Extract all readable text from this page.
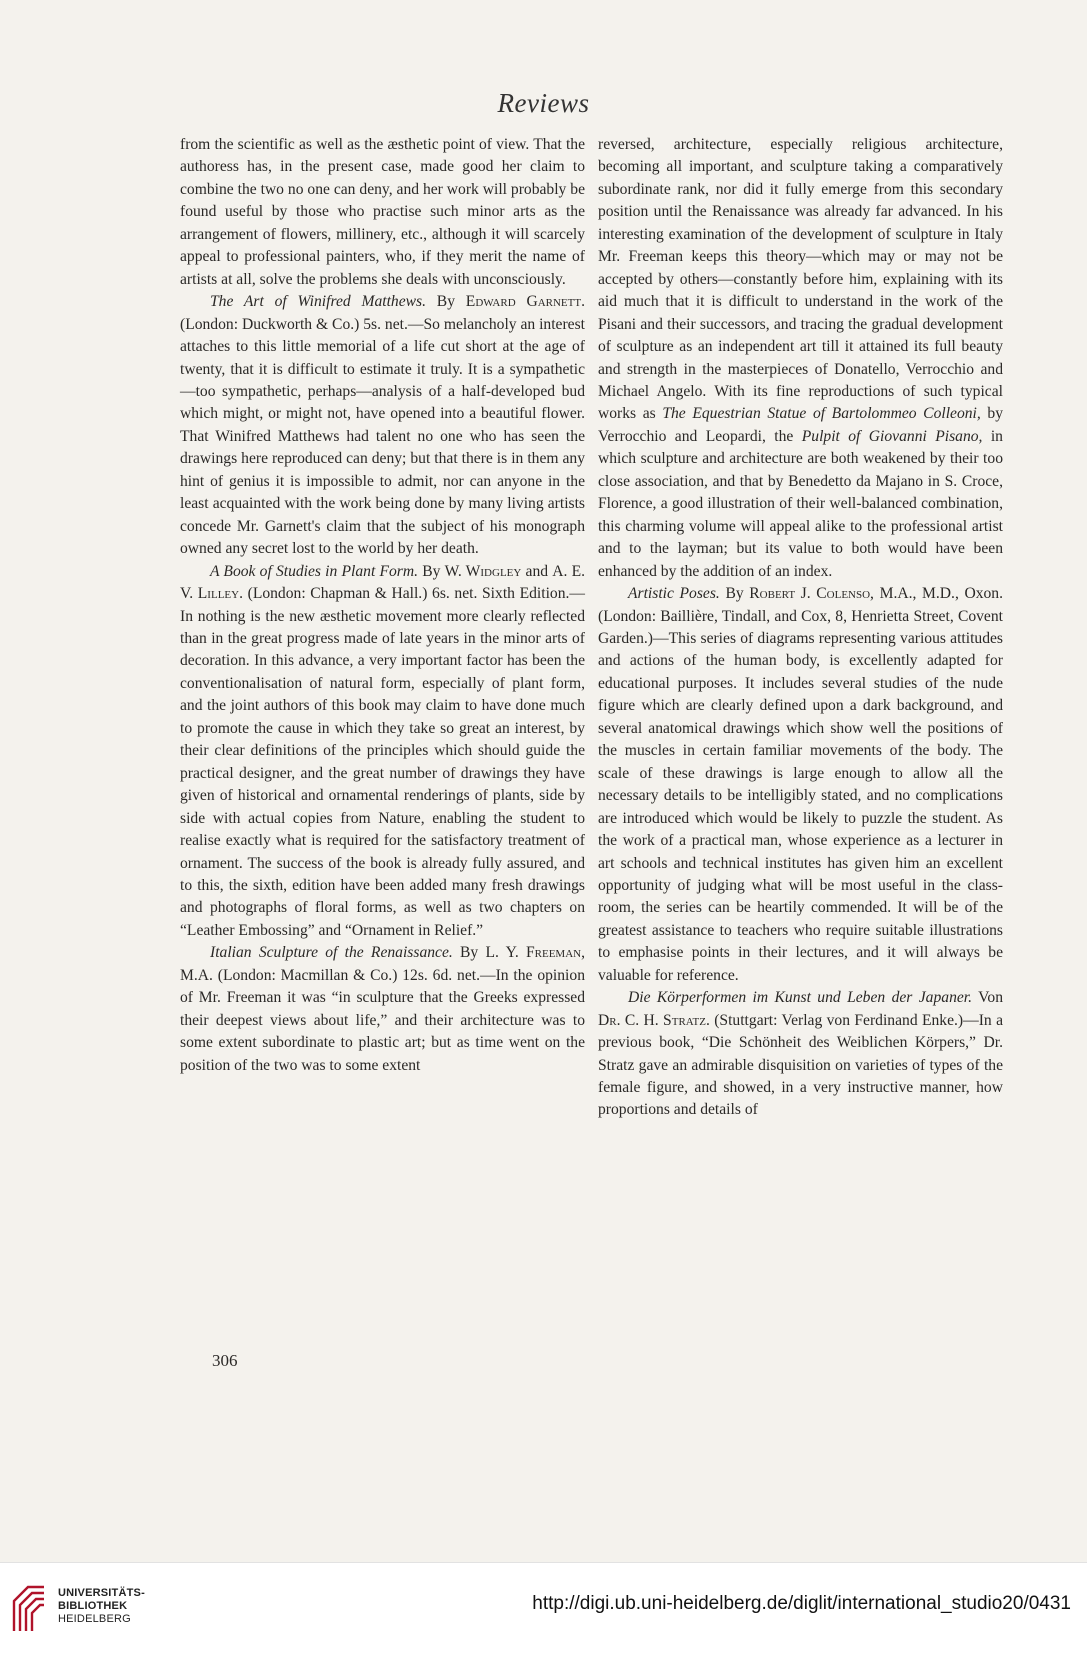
Reviews

from the scientific as well as the æsthetic point of view. That the authoress has, in the present case, made good her claim to combine the two no one can deny, and her work will probably be found useful by those who practise such minor arts as the arrangement of flowers, millinery, etc., although it will scarcely appeal to professional painters, who, if they merit the name of artists at all, solve the problems she deals with unconsciously.

The Art of Winifred Matthews. By Edward Garnett. (London: Duckworth & Co.) 5s. net.—So melancholy an interest attaches to this little memorial of a life cut short at the age of twenty, that it is difficult to estimate it truly. It is a sympathetic—too sympathetic, perhaps—analysis of a half-developed bud which might, or might not, have opened into a beautiful flower. That Winifred Matthews had talent no one who has seen the drawings here reproduced can deny; but that there is in them any hint of genius it is impossible to admit, nor can anyone in the least acquainted with the work being done by many living artists concede Mr. Garnett's claim that the subject of his monograph owned any secret lost to the world by her death.

A Book of Studies in Plant Form. By W. Widgley and A. E. V. Lilley. (London: Chapman & Hall.) 6s. net. Sixth Edition.—In nothing is the new æsthetic movement more clearly reflected than in the great progress made of late years in the minor arts of decoration. In this advance, a very important factor has been the conventionalisation of natural form, especially of plant form, and the joint authors of this book may claim to have done much to promote the cause in which they take so great an interest, by their clear definitions of the principles which should guide the practical designer, and the great number of drawings they have given of historical and ornamental renderings of plants, side by side with actual copies from Nature, enabling the student to realise exactly what is required for the satisfactory treatment of ornament. The success of the book is already fully assured, and to this, the sixth, edition have been added many fresh drawings and photographs of floral forms, as well as two chapters on “Leather Embossing” and “Ornament in Relief.”

Italian Sculpture of the Renaissance. By L. Y. Freeman, M.A. (London: Macmillan & Co.) 12s. 6d. net.—In the opinion of Mr. Freeman it was “in sculpture that the Greeks expressed their deepest views about life,” and their architecture was to some extent subordinate to plastic art; but as time went on the position of the two was to some extent

reversed, architecture, especially religious architecture, becoming all important, and sculpture taking a comparatively subordinate rank, nor did it fully emerge from this secondary position until the Renaissance was already far advanced. In his interesting examination of the development of sculpture in Italy Mr. Freeman keeps this theory—which may or may not be accepted by others—constantly before him, explaining with its aid much that it is difficult to understand in the work of the Pisani and their successors, and tracing the gradual development of sculpture as an independent art till it attained its full beauty and strength in the masterpieces of Donatello, Verrocchio and Michael Angelo. With its fine reproductions of such typical works as The Equestrian Statue of Bartolommeo Colleoni, by Verrocchio and Leopardi, the Pulpit of Giovanni Pisano, in which sculpture and architecture are both weakened by their too close association, and that by Benedetto da Majano in S. Croce, Florence, a good illustration of their well-balanced combination, this charming volume will appeal alike to the professional artist and to the layman; but its value to both would have been enhanced by the addition of an index.

Artistic Poses. By Robert J. Colenso, M.A., M.D., Oxon. (London: Baillière, Tindall, and Cox, 8, Henrietta Street, Covent Garden.)—This series of diagrams representing various attitudes and actions of the human body, is excellently adapted for educational purposes. It includes several studies of the nude figure which are clearly defined upon a dark background, and several anatomical drawings which show well the positions of the muscles in certain familiar movements of the body. The scale of these drawings is large enough to allow all the necessary details to be intelligibly stated, and no complications are introduced which would be likely to puzzle the student. As the work of a practical man, whose experience as a lecturer in art schools and technical institutes has given him an excellent opportunity of judging what will be most useful in the class-room, the series can be heartily commended. It will be of the greatest assistance to teachers who require suitable illustrations to emphasise points in their lectures, and it will always be valuable for reference.

Die Körperformen im Kunst und Leben der Japaner. Von Dr. C. H. Stratz. (Stuttgart: Verlag von Ferdinand Enke.)—In a previous book, “Die Schönheit des Weiblichen Körpers,” Dr. Stratz gave an admirable disquisition on varieties of types of the female figure, and showed, in a very instructive manner, how proportions and details of

306
UNIVERSITÄTS-
BIBLIOTHEK
HEIDELBERG
http://digi.ub.uni-heidelberg.de/diglit/international_studio20/0431
